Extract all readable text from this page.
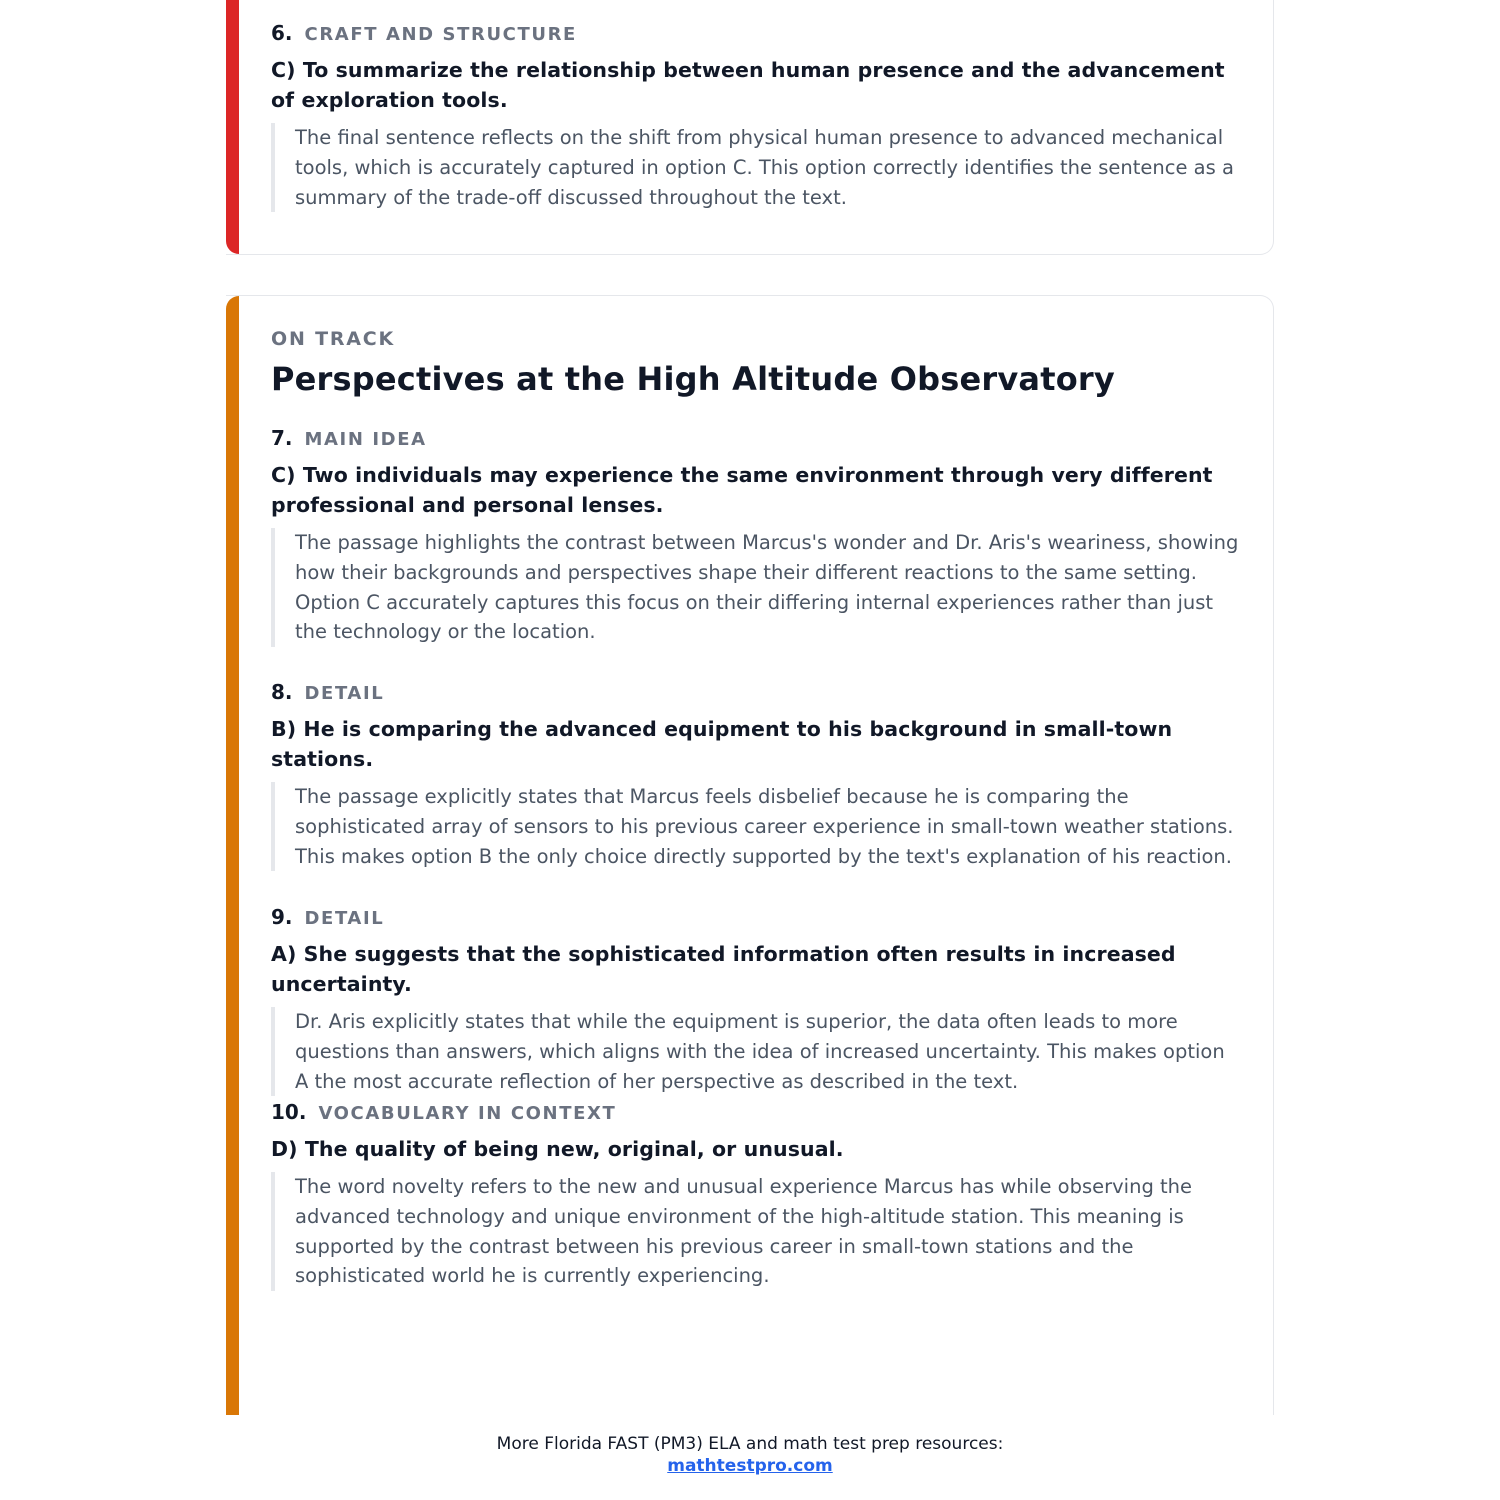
6. CRAFT AND STRUCTURE
C) To summarize the relationship between human presence and the advancement of exploration tools.
The final sentence reflects on the shift from physical human presence to advanced mechanical tools, which is accurately captured in option C. This option correctly identifies the sentence as a summary of the trade-off discussed throughout the text.
ON TRACK
Perspectives at the High Altitude Observatory
7. MAIN IDEA
C) Two individuals may experience the same environment through very different professional and personal lenses.
The passage highlights the contrast between Marcus's wonder and Dr. Aris's weariness, showing how their backgrounds and perspectives shape their different reactions to the same setting. Option C accurately captures this focus on their differing internal experiences rather than just the technology or the location.
8. DETAIL
B) He is comparing the advanced equipment to his background in small-town stations.
The passage explicitly states that Marcus feels disbelief because he is comparing the sophisticated array of sensors to his previous career experience in small-town weather stations. This makes option B the only choice directly supported by the text's explanation of his reaction.
9. DETAIL
A) She suggests that the sophisticated information often results in increased uncertainty.
Dr. Aris explicitly states that while the equipment is superior, the data often leads to more questions than answers, which aligns with the idea of increased uncertainty. This makes option A the most accurate reflection of her perspective as described in the text.
10. VOCABULARY IN CONTEXT
D) The quality of being new, original, or unusual.
The word novelty refers to the new and unusual experience Marcus has while observing the advanced technology and unique environment of the high-altitude station. This meaning is supported by the contrast between his previous career in small-town stations and the sophisticated world he is currently experiencing.
More Florida FAST (PM3) ELA and math test prep resources:
mathtestpro.com
